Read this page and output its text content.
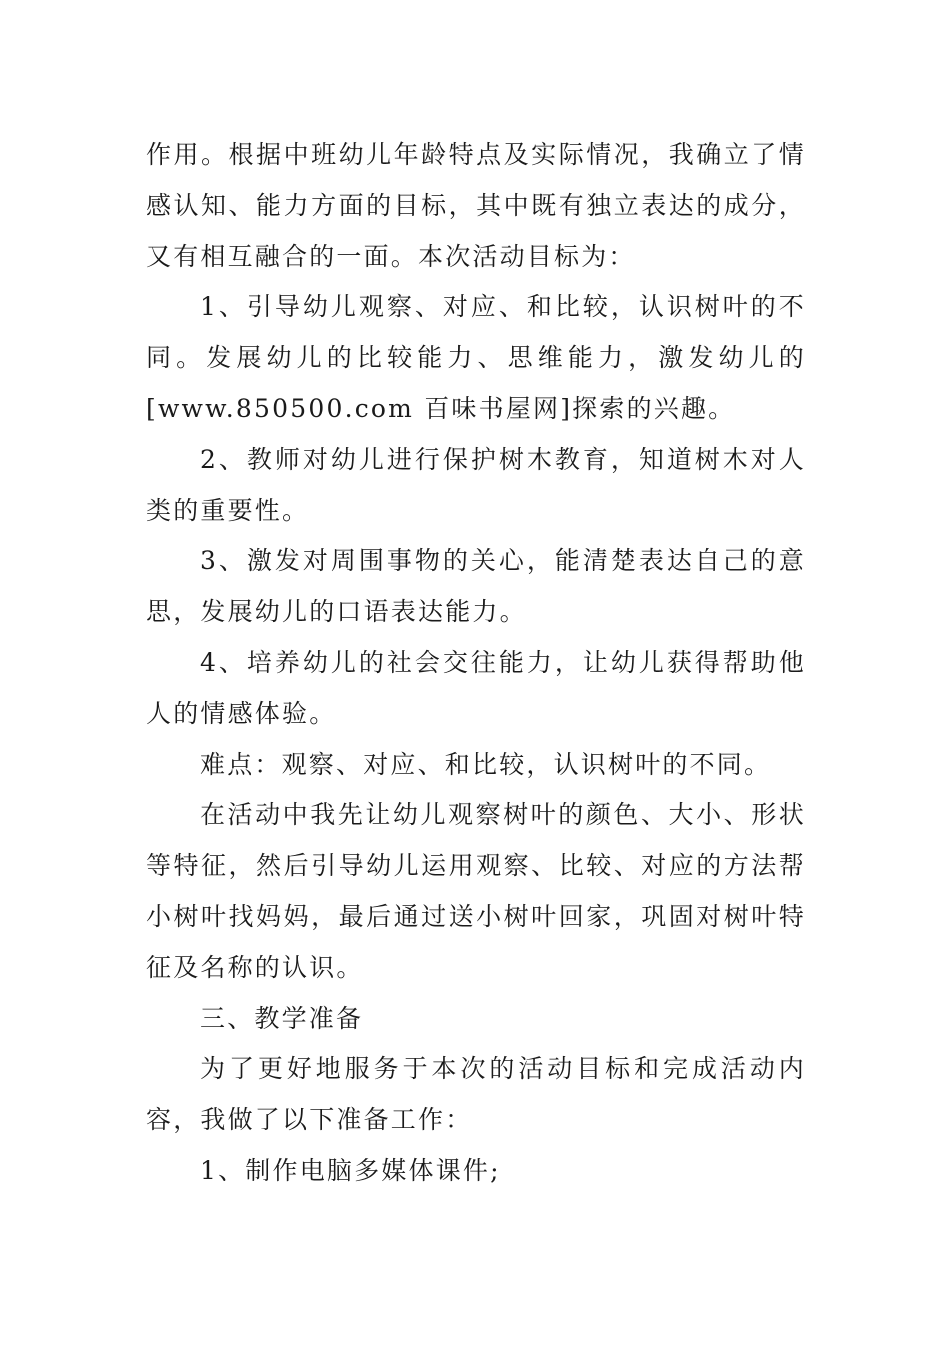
作用。根据中班幼儿年龄特点及实际情况，我确立了情感认知、能力方面的目标，其中既有独立表达的成分，又有相互融合的一面。本次活动目标为：

1、引导幼儿观察、对应、和比较，认识树叶的不同。发展幼儿的比较能力、思维能力，激发幼儿的[www.850500.com 百味书屋网]探索的兴趣。

2、教师对幼儿进行保护树木教育，知道树木对人类的重要性。

3、激发对周围事物的关心，能清楚表达自己的意思，发展幼儿的口语表达能力。

4、培养幼儿的社会交往能力，让幼儿获得帮助他人的情感体验。

难点：观察、对应、和比较，认识树叶的不同。

在活动中我先让幼儿观察树叶的颜色、大小、形状等特征，然后引导幼儿运用观察、比较、对应的方法帮小树叶找妈妈，最后通过送小树叶回家，巩固对树叶特征及名称的认识。

三、教学准备

为了更好地服务于本次的活动目标和完成活动内容，我做了以下准备工作：

1、制作电脑多媒体课件;
